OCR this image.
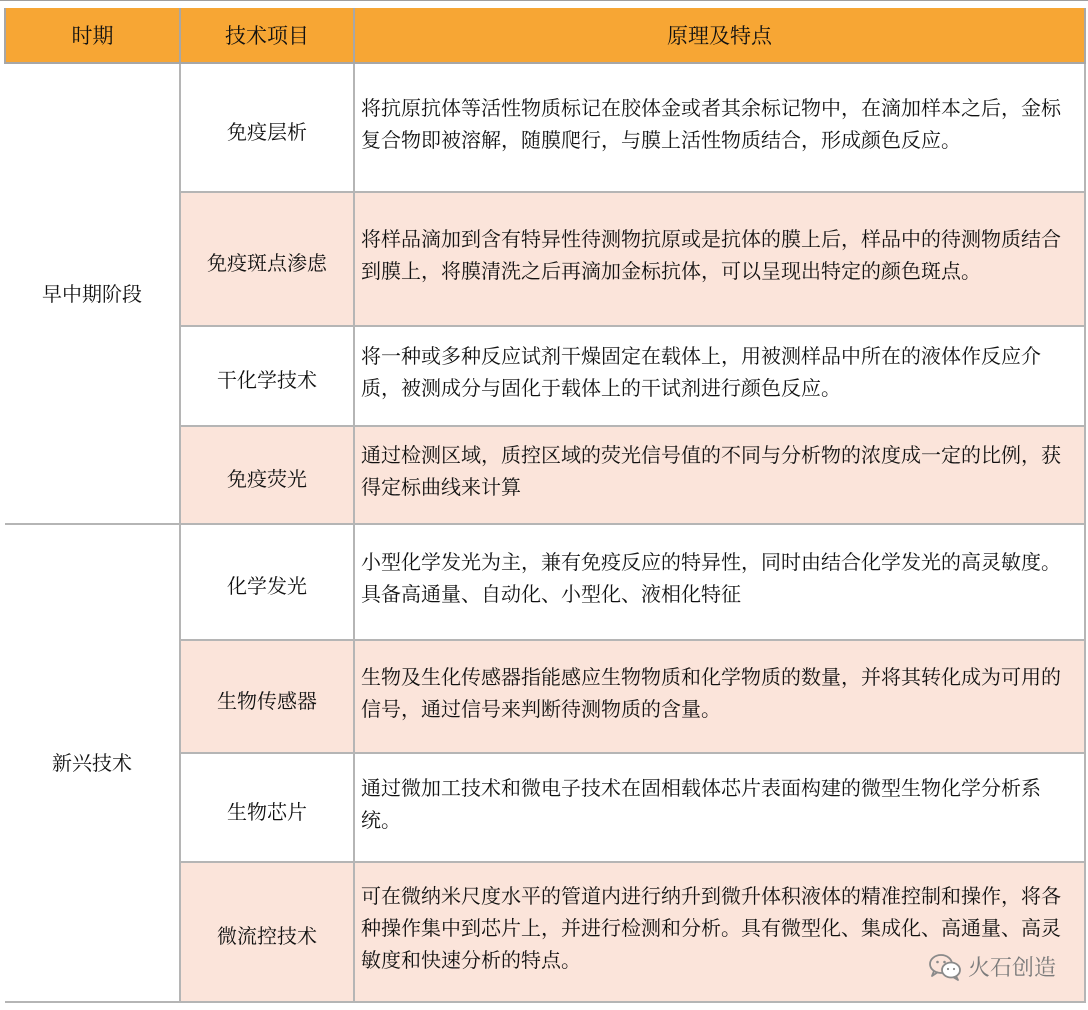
时期	技术项目	原理及特点
早中期阶段	免疫层析	将抗原抗体等活性物质标记在胶体金或者其余标记物中，在滴加样本之后，金标复合物即被溶解，随膜爬行，与膜上活性物质结合，形成颜色反应。
	免疫斑点渗虑	将样品滴加到含有特异性待测物抗原或是抗体的膜上后，样品中的待测物质结合到膜上，将膜清洗之后再滴加金标抗体，可以呈现出特定的颜色斑点。
	干化学技术	将一种或多种反应试剂干燥固定在载体上，用被测样品中所在的液体作反应介质，被测成分与固化于载体上的干试剂进行颜色反应。
	免疫荧光	通过检测区域，质控区域的荧光信号值的不同与分析物的浓度成一定的比例，获得定标曲线来计算
新兴技术	化学发光	小型化学发光为主，兼有免疫反应的特异性，同时由结合化学发光的高灵敏度。具备高通量、自动化、小型化、液相化特征
	生物传感器	生物及生化传感器指能感应生物物质和化学物质的数量，并将其转化成为可用的信号，通过信号来判断待测物质的含量。
	生物芯片	通过微加工技术和微电子技术在固相载体芯片表面构建的微型生物化学分析系统。
	微流控技术	可在微纳米尺度水平的管道内进行纳升到微升体积液体的精准控制和操作，将各种操作集中到芯片上，并进行检测和分析。具有微型化、集成化、高通量、高灵敏度和快速分析的特点。	火石创造
